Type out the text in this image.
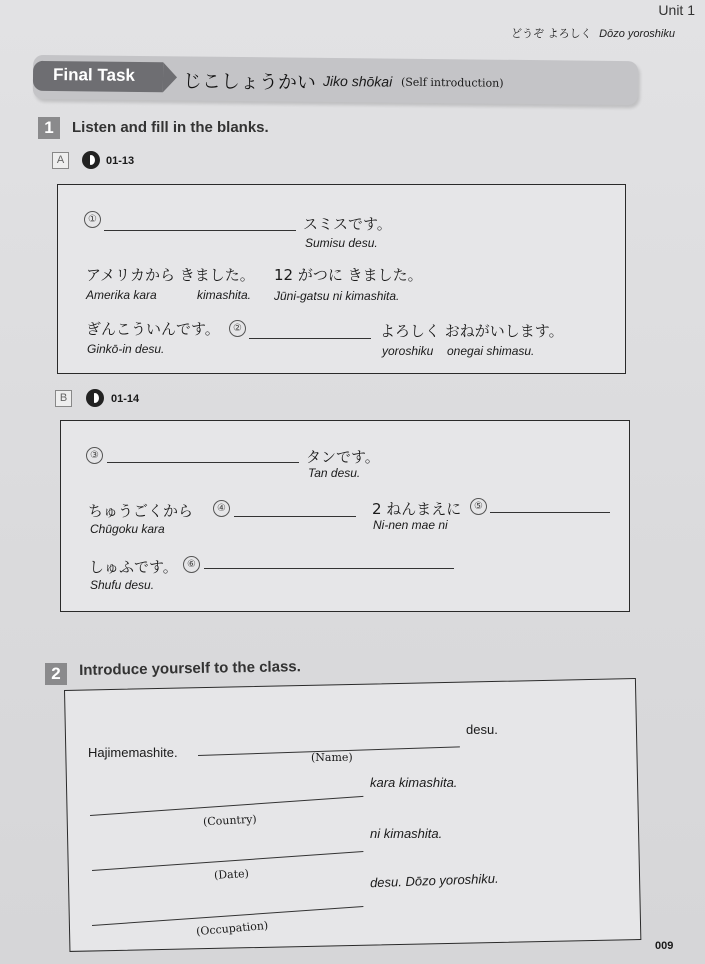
Unit 1
どうぞ よろしく Dōzo yoroshiku
Final Task	じこしょうかい Jiko shōkai (Self introduction)
1	Listen and fill in the blanks.
A	01-13
①	スミスです。
Sumisu desu.
アメリカから きました。 12 がつに きました。
Amerika kara	kimashita. Jūni-gatsu ni kimashita.
ぎんこういんです。	②	よろしく おねがいします。
Ginkō-in desu.	yoroshiku onegai shimasu.
B	01-14
③	タンです。
Tan desu.
ちゅうごくから	④	2 ねんまえに	⑤
Chūgoku kara	Ni-nen mae ni
しゅふです。 ⑥
Shufu desu.
2	Introduce yourself to the class.
Hajimemashite.
desu.
(Name)
kara kimashita.
(Country)
ni kimashita.
(Date)	desu. Dōzo yoroshiku.
(Occupation)
009
